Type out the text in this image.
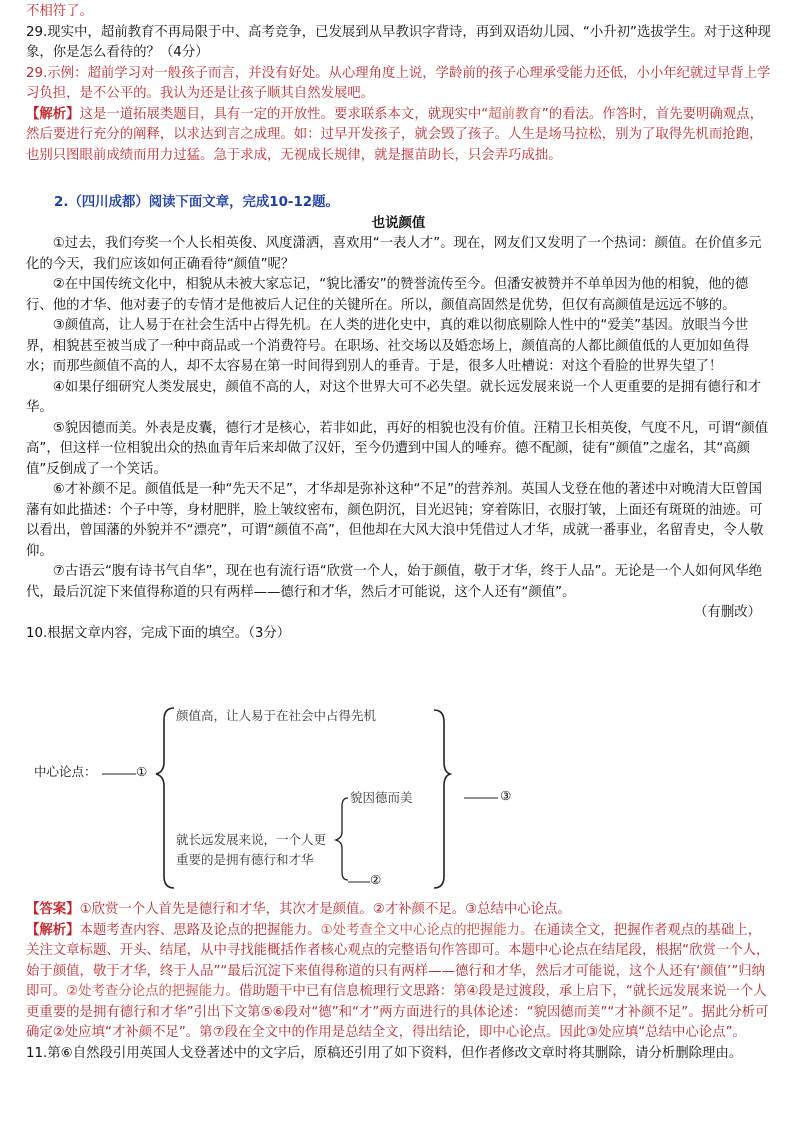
不相符了。

29.现实中，超前教育不再局限于中、高考竞争，已发展到从早教识字背诗，再到双语幼儿园、“小升初”选拔学生。对于这种现象，你是怎么看待的？（4分）

29.示例：超前学习对一般孩子而言，并没有好处。从心理角度上说，学龄前的孩子心理承受能力还低，小小年纪就过早背上学习负担，是不公平的。我认为还是让孩子顺其自然发展吧。

【解析】这是一道拓展类题目，具有一定的开放性。要求联系本文，就现实中“超前教育”的看法。作答时，首先要明确观点，然后要进行充分的阐释，以求达到言之成理。如：过早开发孩子，就会毁了孩子。人生是场马拉松，别为了取得先机而抢跑，也别只图眼前成绩而用力过猛。急于求成，无视成长规律，就是揠苗助长，只会弄巧成拙。

2.（四川成都）阅读下面文章，完成10-12题。

也说颜值

①过去，我们夸奖一个人长相英俊、风度潇洒，喜欢用“一表人才”。现在，网友们又发明了一个热词：颜值。在价值多元化的今天，我们应该如何正确看待“颜值”呢？

②在中国传统文化中，相貌从未被大家忘记，“貌比潘安”的赞誉流传至今。但潘安被赞并不单单因为他的相貌，他的德行、他的才华、他对妻子的专情才是他被后人记住的关键所在。所以，颜值高固然是优势，但仅有高颜值是远远不够的。

③颜值高，让人易于在社会生活中占得先机。在人类的进化史中，真的难以彻底剔除人性中的“爱美”基因。放眼当今世界，相貌甚至被当成了一种中商品或一个消费符号。在职场、社交场以及婚恋场上，颜值高的人都比颜值低的人更加如鱼得水；而那些颜值不高的人，却不太容易在第一时间得到别人的垂青。于是，很多人吐槽说：对这个看脸的世界失望了！

④如果仔细研究人类发展史，颜值不高的人，对这个世界大可不必失望。就长远发展来说一个人更重要的是拥有德行和才华。

⑤貌因德而美。外表是皮囊，德行才是核心，若非如此，再好的相貌也没有价值。汪精卫长相英俊，气度不凡，可谓“颜值高”，但这样一位相貌出众的热血青年后来却做了汉奸，至今仍遭到中国人的唾弃。德不配颜，徒有“颜值”之虚名，其“高颜值”反倒成了一个笑话。

⑥才补颜不足。颜值低是一种“先天不足”，才华却是弥补这种“不足”的营养剂。英国人戈登在他的著述中对晚清大臣曾国藩有如此描述：个子中等，身材肥胖，脸上皱纹密布，颜色阴沉，目光迟钝；穿着陈旧，衣服打皱，上面还有斑斑的油迹。可以看出，曾国藩的外貌并不“漂亮”，可谓“颜值不高”，但他却在大风大浪中凭借过人才华，成就一番事业，名留青史，令人敬仰。

⑦古语云“腹有诗书气自华”，现在也有流行语“欣赏一个人，始于颜值，敬于才华，终于人品”。无论是一个人如何风华绝代，最后沉淀下来值得称道的只有两样——德行和才华，然后才可能说，这个人还有“颜值”。

（有删改）

10.根据文章内容，完成下面的填空。（3分）

中心论点：	①
颜值高，让人易于在社会中占得先机
就长远发展来说，一个人更
重要的是拥有德行和才华
貌因德而美
②
③

【答案】①欣赏一个人首先是德行和才华，其次才是颜值。②才补颜不足。③总结中心论点。

【解析】本题考查内容、思路及论点的把握能力。①处考查全文中心论点的把握能力。在通读全文，把握作者观点的基础上，关注文章标题、开头、结尾，从中寻找能概括作者核心观点的完整语句作答即可。本题中心论点在结尾段，根据“欣赏一个人，始于颜值，敬于才华，终于人品”“最后沉淀下来值得称道的只有两样——德行和才华，然后才可能说，这个人还有‘颜值’”归纳即可。②处考查分论点的把握能力。借助题干中已有信息梳理行文思路：第④段是过渡段，承上启下，“就长远发展来说一个人更重要的是拥有德行和才华”引出下文第⑤⑥段对“德”和“才”两方面进行的具体论述：“貌因德而美”“才补颜不足”。据此分析可确定②处应填“才补颜不足”。第⑦段在全文中的作用是总结全文，得出结论，即中心论点。因此③处应填“总结中心论点”。

11.第⑥自然段引用英国人戈登著述中的文字后，原稿还引用了如下资料，但作者修改文章时将其删除，请分析删除理由。
